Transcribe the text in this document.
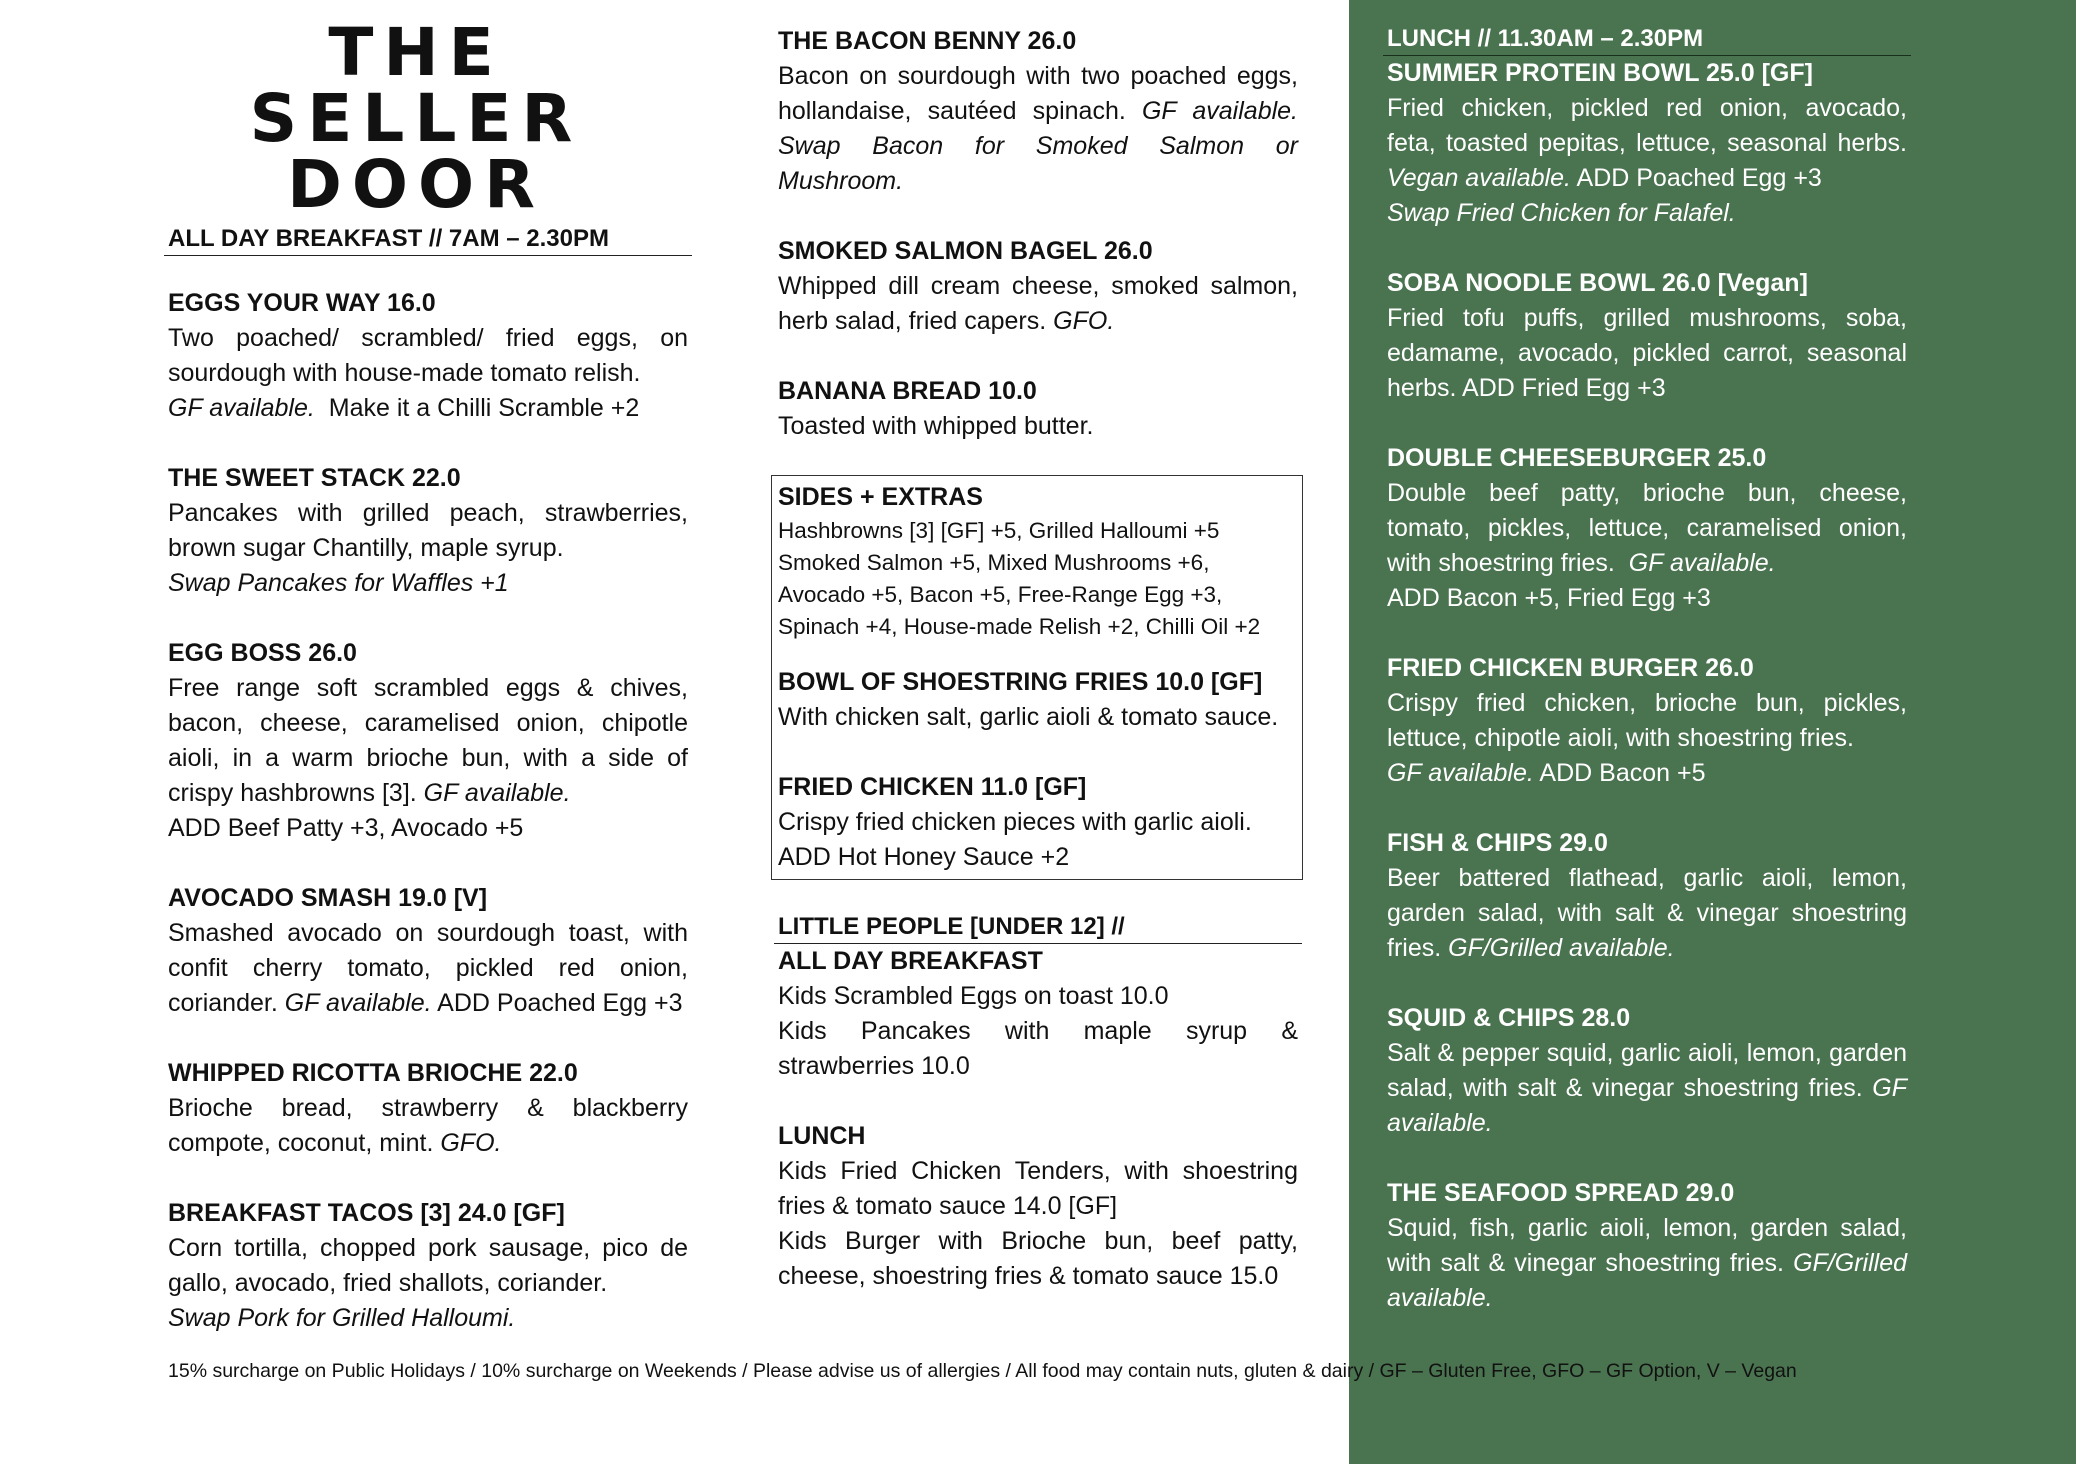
THE
SELLER
DOOR
ALL DAY BREAKFAST // 7AM – 2.30PM
EGGS YOUR WAY 16.0
Two poached/ scrambled/ fried eggs, on sourdough with house-made tomato relish.
GF available. Make it a Chilli Scramble +2
THE SWEET STACK 22.0
Pancakes with grilled peach, strawberries, brown sugar Chantilly, maple syrup.
Swap Pancakes for Waffles +1
EGG BOSS 26.0
Free range soft scrambled eggs & chives, bacon, cheese, caramelised onion, chipotle aioli, in a warm brioche bun, with a side of crispy hashbrowns [3]. GF available.
ADD Beef Patty +3, Avocado +5
AVOCADO SMASH 19.0 [V]
Smashed avocado on sourdough toast, with confit cherry tomato, pickled red onion, coriander. GF available. ADD Poached Egg +3
WHIPPED RICOTTA BRIOCHE 22.0
Brioche bread, strawberry & blackberry compote, coconut, mint. GFO.
BREAKFAST TACOS [3] 24.0 [GF]
Corn tortilla, chopped pork sausage, pico de gallo, avocado, fried shallots, coriander.
Swap Pork for Grilled Halloumi.
THE BACON BENNY 26.0
Bacon on sourdough with two poached eggs, hollandaise, sautéed spinach. GF available. Swap Bacon for Smoked Salmon or Mushroom.
SMOKED SALMON BAGEL 26.0
Whipped dill cream cheese, smoked salmon, herb salad, fried capers. GFO.
BANANA BREAD 10.0
Toasted with whipped butter.
SIDES + EXTRAS
Hashbrowns [3] [GF] +5, Grilled Halloumi +5
Smoked Salmon +5, Mixed Mushrooms +6,
Avocado +5, Bacon +5, Free-Range Egg +3,
Spinach +4, House-made Relish +2, Chilli Oil +2
BOWL OF SHOESTRING FRIES 10.0 [GF]
With chicken salt, garlic aioli & tomato sauce.
FRIED CHICKEN 11.0 [GF]
Crispy fried chicken pieces with garlic aioli.
ADD Hot Honey Sauce +2
LITTLE PEOPLE [UNDER 12] //
ALL DAY BREAKFAST
Kids Scrambled Eggs on toast 10.0
Kids Pancakes with maple syrup & strawberries 10.0
LUNCH
Kids Fried Chicken Tenders, with shoestring fries & tomato sauce 14.0 [GF]
Kids Burger with Brioche bun, beef patty, cheese, shoestring fries & tomato sauce 15.0
LUNCH // 11.30AM – 2.30PM
SUMMER PROTEIN BOWL 25.0 [GF]
Fried chicken, pickled red onion, avocado, feta, toasted pepitas, lettuce, seasonal herbs. Vegan available. ADD Poached Egg +3
Swap Fried Chicken for Falafel.
SOBA NOODLE BOWL 26.0 [Vegan]
Fried tofu puffs, grilled mushrooms, soba, edamame, avocado, pickled carrot, seasonal herbs. ADD Fried Egg +3
DOUBLE CHEESEBURGER 25.0
Double beef patty, brioche bun, cheese, tomato, pickles, lettuce, caramelised onion, with shoestring fries. GF available.
ADD Bacon +5, Fried Egg +3
FRIED CHICKEN BURGER 26.0
Crispy fried chicken, brioche bun, pickles, lettuce, chipotle aioli, with shoestring fries.
GF available. ADD Bacon +5
FISH & CHIPS 29.0
Beer battered flathead, garlic aioli, lemon, garden salad, with salt & vinegar shoestring fries. GF/Grilled available.
SQUID & CHIPS 28.0
Salt & pepper squid, garlic aioli, lemon, garden salad, with salt & vinegar shoestring fries. GF available.
THE SEAFOOD SPREAD 29.0
Squid, fish, garlic aioli, lemon, garden salad, with salt & vinegar shoestring fries. GF/Grilled available.
15% surcharge on Public Holidays / 10% surcharge on Weekends / Please advise us of allergies / All food may contain nuts, gluten & dairy / GF – Gluten Free, GFO – GF Option, V – Vegan
